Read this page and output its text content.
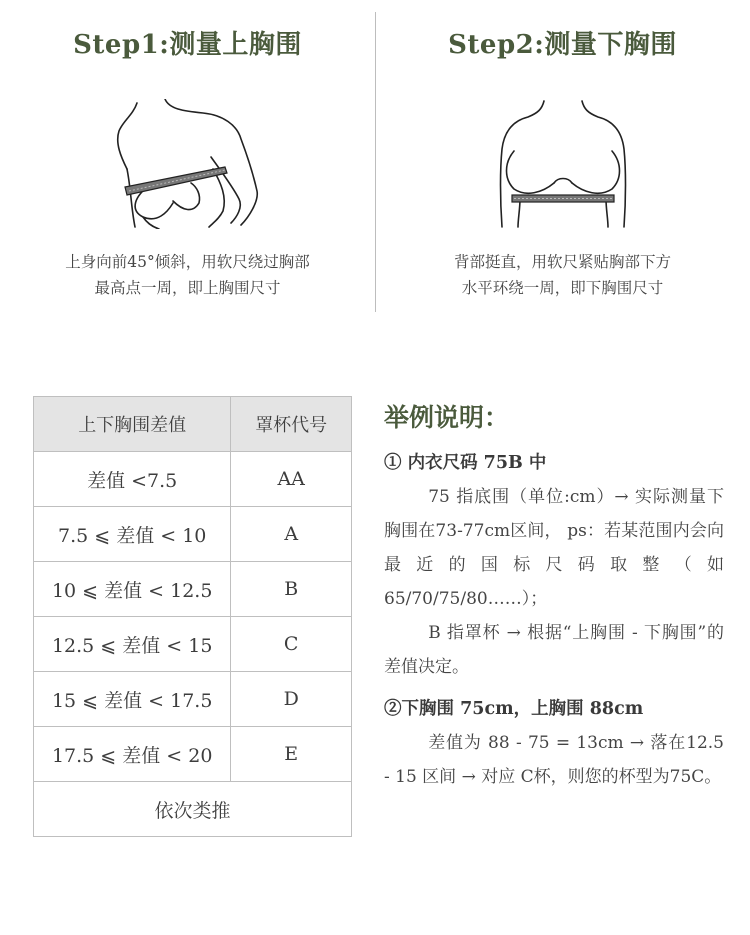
Step1:测量上胸围
上身向前45°倾斜，用软尺绕过胸部
最高点一周，即上胸围尺寸
Step2:测量下胸围
背部挺直，用软尺紧贴胸部下方
水平环绕一周，即下胸围尺寸
上下胸围差值	罩杯代号
差值 <7.5	AA
7.5 ⩽ 差值 < 10	A
10 ⩽ 差值 < 12.5	B
12.5 ⩽ 差值 < 15	C
15 ⩽ 差值 < 17.5	D
17.5 ⩽ 差值 < 20	E
依次类推	
举例说明：
① 内衣尺码 75B 中
75 指底围（单位:cm）→ 实际测量下胸围在73-77cm区间， ps：若某范围内会向最近的国标尺码取整（如65/70/75/80……）；
B 指罩杯 → 根据“上胸围 - 下胸围”的差值决定。
②下胸围 75cm，上胸围 88cm
差值为 88 - 75 = 13cm → 落在12.5 - 15 区间 → 对应 C杯，则您的杯型为75C。
